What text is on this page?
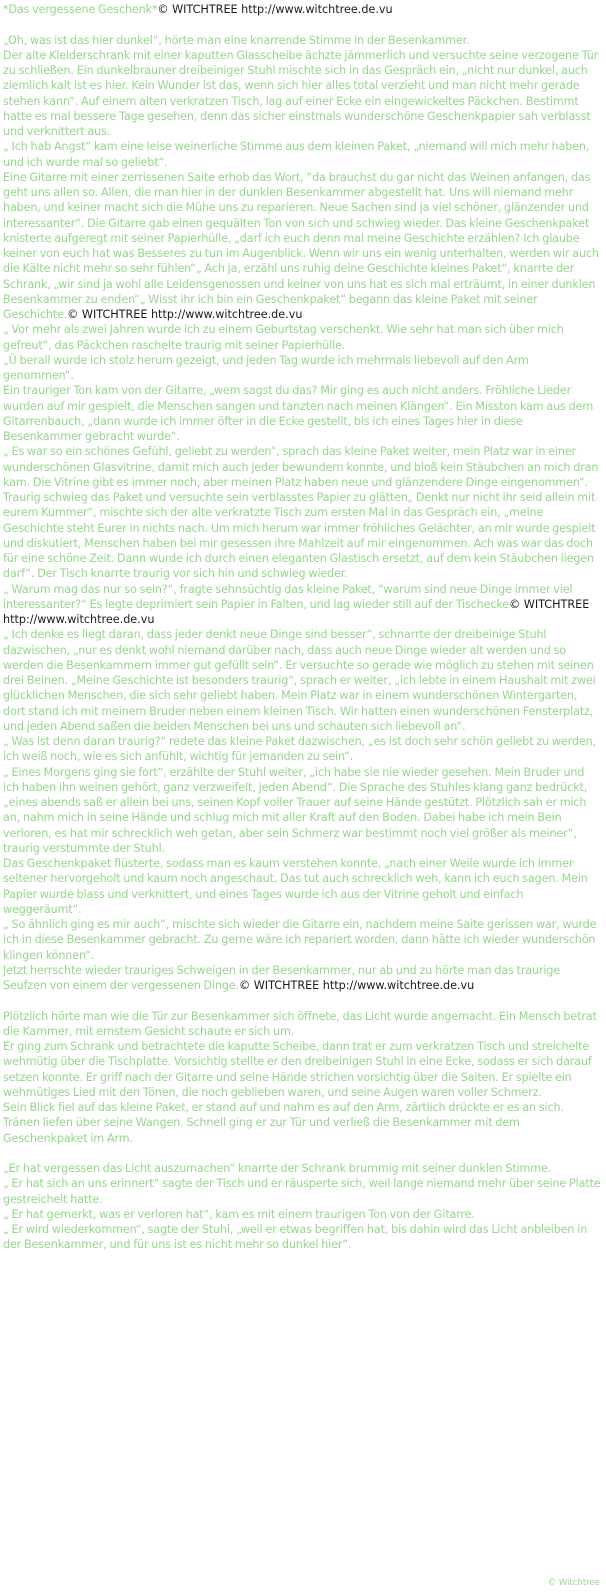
*Das vergessene Geschenk*© WITCHTREE http://www.witchtree.de.vu

„Oh, was ist das hier dunkel“, hörte man eine knarrende Stimme in der Besenkammer.

Der alte Kleiderschrank mit einer kaputten Glasscheibe ächzte jämmerlich und versuchte seine verzogene Tür zu schließen. Ein dunkelbrauner dreibeiniger Stuhl mischte sich in das Gespräch ein, „nicht nur dunkel, auch ziemlich kalt ist es hier. Kein Wunder ist das, wenn sich hier alles total verzieht und man nicht mehr gerade stehen kann“. Auf einem alten verkratzen Tisch, lag auf einer Ecke ein eingewickeltes Päckchen. Bestimmt hatte es mal bessere Tage gesehen, denn das sicher einstmals wunderschöne Geschenkpapier sah verblasst und verknittert aus.

„ Ich hab Angst“ kam eine leise weinerliche Stimme aus dem kleinen Paket, „niemand will mich mehr haben, und ich wurde mal so geliebt“.

Eine Gitarre mit einer zerrissenen Saite erhob das Wort, “da brauchst du gar nicht das Weinen anfangen, das geht uns allen so. Allen, die man hier in der dunklen Besenkammer abgestellt hat. Uns will niemand mehr haben, und keiner macht sich die Mühe uns zu reparieren. Neue Sachen sind ja viel schöner, glänzender und interessanter“. Die Gitarre gab einen gequälten Ton von sich und schwieg wieder. Das kleine Geschenkpaket knisterte aufgeregt mit seiner Papierhülle, „darf ich euch denn mal meine Geschichte erzählen? Ich glaube keiner von euch hat was Besseres zu tun im Augenblick. Wenn wir uns ein wenig unterhalten, werden wir auch die Kälte nicht mehr so sehr fühlen“„ Ach ja, erzähl uns ruhig deine Geschichte kleines Paket“, knarrte der Schrank, „wir sind ja wohl alle Leidensgenossen und keiner von uns hat es sich mal erträumt, in einer dunklen Besenkammer zu enden“„ Wisst ihr ich bin ein Geschenkpaket“ begann das kleine Paket mit seiner Geschichte.© WITCHTREE http://www.witchtree.de.vu

„ Vor mehr als zwei Jahren wurde ich zu einem Geburtstag verschenkt. Wie sehr hat man sich über mich gefreut“, das Päckchen raschelte traurig mit seiner Papierhülle.

„Ü berall wurde ich stolz herum gezeigt, und jeden Tag wurde ich mehrmals liebevoll auf den Arm genommen“.

Ein trauriger Ton kam von der Gitarre, „wem sagst du das? Mir ging es auch nicht anders. Fröhliche Lieder wurden auf mir gespielt, die Menschen sangen und tanzten nach meinen Klängen“. Ein Misston kam aus dem Gitarrenbauch, „dann wurde ich immer öfter in die Ecke gestellt, bis ich eines Tages hier in diese Besenkammer gebracht wurde“.

„ Es war so ein schönes Gefühl, geliebt zu werden“, sprach das kleine Paket weiter, mein Platz war in einer wunderschönen Glasvitrine, damit mich auch jeder bewundern konnte, und bloß kein Stäubchen an mich dran kam. Die Vitrine gibt es immer noch, aber meinen Platz haben neue und glänzendere Dinge eingenommen“. Traurig schwieg das Paket und versuchte sein verblasstes Papier zu glätten„ Denkt nur nicht ihr seid allein mit eurem Kummer“, mischte sich der alte verkratzte Tisch zum ersten Mal in das Gespräch ein, „meine Geschichte steht Eurer in nichts nach. Um mich herum war immer fröhliches Gelächter, an mir wurde gespielt und diskutiert, Menschen haben bei mir gesessen ihre Mahlzeit auf mir eingenommen. Ach was war das doch für eine schöne Zeit. Dann wurde ich durch einen eleganten Glastisch ersetzt, auf dem kein Stäubchen liegen darf“. Der Tisch knarrte traurig vor sich hin und schwieg wieder.

„ Warum mag das nur so sein?“, fragte sehnsüchtig das kleine Paket, “warum sind neue Dinge immer viel interessanter?“ Es legte deprimiert sein Papier in Falten, und lag wieder still auf der Tischecke© WITCHTREE http://www.witchtree.de.vu

„ Ich denke es liegt daran, dass jeder denkt neue Dinge sind besser“, schnarrte der dreibeinige Stuhl dazwischen, „nur es denkt wohl niemand darüber nach, dass auch neue Dinge wieder alt werden und so werden die Besenkammern immer gut gefüllt sein“. Er versuchte so gerade wie möglich zu stehen mit seinen drei Beinen. „Meine Geschichte ist besonders traurig“, sprach er weiter, „ich lebte in einem Haushalt mit zwei glücklichen Menschen, die sich sehr geliebt haben. Mein Platz war in einem wunderschönen Wintergarten, dort stand ich mit meinem Bruder neben einem kleinen Tisch. Wir hatten einen wunderschönen Fensterplatz, und jeden Abend saßen die beiden Menschen bei uns und schauten sich liebevoll an“.

„ Was ist denn daran traurig?“ redete das kleine Paket dazwischen, „es ist doch sehr schön geliebt zu werden, ich weiß noch, wie es sich anfühlt, wichtig für jemanden zu sein“.

„ Eines Morgens ging sie fort“, erzählte der Stuhl weiter, „ich habe sie nie wieder gesehen. Mein Bruder und ich haben ihn weinen gehört, ganz verzweifelt, jeden Abend“. Die Sprache des Stuhles klang ganz bedrückt, „eines abends saß er allein bei uns, seinen Kopf voller Trauer auf seine Hände gestützt. Plötzlich sah er mich an, nahm mich in seine Hände und schlug mich mit aller Kraft auf den Boden. Dabei habe ich mein Bein verloren, es hat mir schrecklich weh getan, aber sein Schmerz war bestimmt noch viel größer als meiner“, traurig verstummte der Stuhl.

Das Geschenkpaket flüsterte, sodass man es kaum verstehen konnte, „nach einer Weile wurde ich immer seltener hervorgeholt und kaum noch angeschaut. Das tut auch schrecklich weh, kann ich euch sagen. Mein Papier wurde blass und verknittert, und eines Tages wurde ich aus der Vitrine geholt und einfach weggeräumt“.

„ So ähnlich ging es mir auch“, mischte sich wieder die Gitarre ein, nachdem meine Saite gerissen war, wurde ich in diese Besenkammer gebracht. Zu gerne wäre ich repariert worden, dann hätte ich wieder wunderschön klingen können“.

Jetzt herrschte wieder trauriges Schweigen in der Besenkammer, nur ab und zu hörte man das traurige Seufzen von einem der vergessenen Dinge.© WITCHTREE http://www.witchtree.de.vu

Plötzlich hörte man wie die Tür zur Besenkammer sich öffnete, das Licht wurde angemacht. Ein Mensch betrat die Kammer, mit ernstem Gesicht schaute er sich um.

Er ging zum Schrank und betrachtete die kaputte Scheibe, dann trat er zum verkratzen Tisch und streichelte wehmütig über die Tischplatte. Vorsichtig stellte er den dreibeinigen Stuhl in eine Ecke, sodass er sich darauf setzen konnte. Er griff nach der Gitarre und seine Hände strichen vorsichtig über die Saiten. Er spielte ein wehmütiges Lied mit den Tönen, die noch geblieben waren, und seine Augen waren voller Schmerz.

Sein Blick fiel auf das kleine Paket, er stand auf und nahm es auf den Arm, zärtlich drückte er es an sich. Tränen liefen über seine Wangen. Schnell ging er zur Tür und verließ die Besenkammer mit dem Geschenkpaket im Arm.

„Er hat vergessen das Licht auszumachen“ knarrte der Schrank brummig mit seiner dunklen Stimme.

„ Er hat sich an uns erinnert“ sagte der Tisch und er räusperte sich, weil lange niemand mehr über seine Platte gestreichelt hatte.

„ Er hat gemerkt, was er verloren hat“, kam es mit einem traurigen Ton von der Gitarre.

„ Er wird wiederkommen“, sagte der Stuhl, „weil er etwas begriffen hat, bis dahin wird das Licht anbleiben in der Besenkammer, und für uns ist es nicht mehr so dunkel hier“.

© Witchtree
